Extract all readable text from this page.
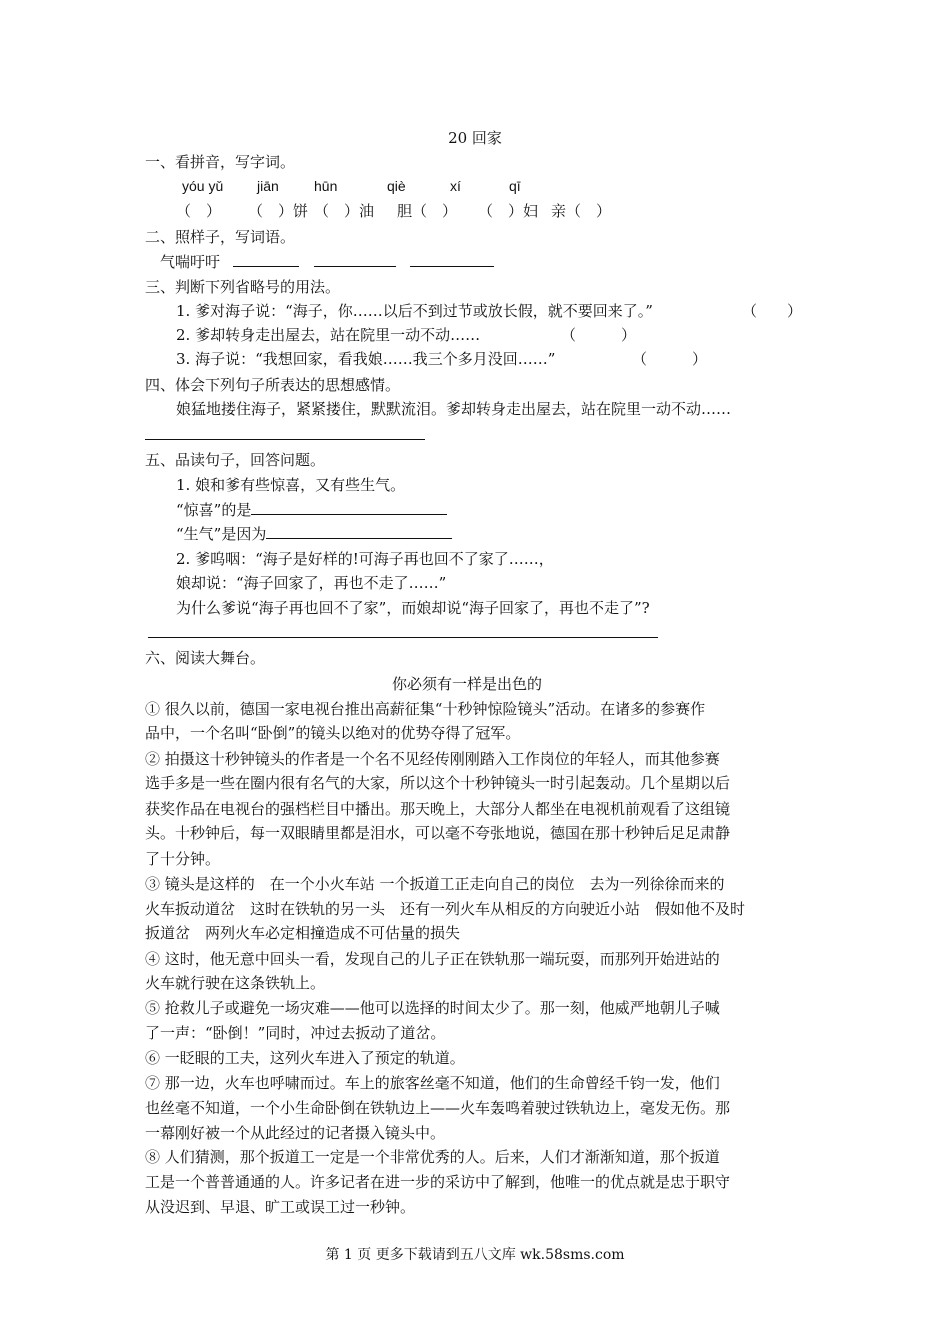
20 回家
一、看拼音，写字词。
yóu yǔ jiān	hūn	qiè	xí	qī
（　） （　）饼 （　）油 胆（　） （　）妇 亲（　）
二、照样子，写词语。
气喘吁吁
三、判断下列省略号的用法。
1. 爹对海子说：“海子，你……以后不到过节或放长假，就不要回来了。”	（　　）
2. 爹却转身走出屋去，站在院里一动不动……	（　　　）
3. 海子说：“我想回家，看我娘……我三个多月没回……”	（　　　）
四、体会下列句子所表达的思想感情。
娘猛地搂住海子，紧紧搂住，默默流泪。爹却转身走出屋去，站在院里一动不动……
五、品读句子，回答问题。
1. 娘和爹有些惊喜，又有些生气。
“惊喜”的是
“生气”是因为
2. 爹呜咽：“海子是好样的!可海子再也回不了家了……，
娘却说：“海子回家了，再也不走了……”
为什么爹说“海子再也回不了家”，而娘却说“海子回家了，再也不走了”?
六、阅读大舞台。
你必须有一样是出色的
① 很久以前，德国一家电视台推出高薪征集“十秒钟惊险镜头”活动。在诸多的参赛作
品中，一个名叫“卧倒”的镜头以绝对的优势夺得了冠军。
② 拍摄这十秒钟镜头的作者是一个名不见经传刚刚踏入工作岗位的年轻人，而其他参赛
选手多是一些在圈内很有名气的大家，所以这个十秒钟镜头一时引起轰动。几个星期以后
获奖作品在电视台的强档栏目中播出。那天晚上，大部分人都坐在电视机前观看了这组镜
头。十秒钟后，每一双眼睛里都是泪水，可以毫不夸张地说，德国在那十秒钟后足足肃静
了十分钟。
③ 镜头是这样的　在一个小火车站 一个扳道工正走向自己的岗位　去为一列徐徐而来的
火车扳动道岔　这时在铁轨的另一头　还有一列火车从相反的方向驶近小站　假如他不及时
扳道岔　两列火车必定相撞造成不可估量的损失
④ 这时，他无意中回头一看，发现自己的儿子正在铁轨那一端玩耍，而那列开始进站的
火车就行驶在这条铁轨上。
⑤ 抢救儿子或避免一场灾难——他可以选择的时间太少了。那一刻，他威严地朝儿子喊
了一声：“卧倒！”同时，冲过去扳动了道岔。
⑥ 一眨眼的工夫，这列火车进入了预定的轨道。
⑦ 那一边，火车也呼啸而过。车上的旅客丝毫不知道，他们的生命曾经千钧一发，他们
也丝毫不知道，一个小生命卧倒在铁轨边上——火车轰鸣着驶过铁轨边上，毫发无伤。那
一幕刚好被一个从此经过的记者摄入镜头中。
⑧ 人们猜测，那个扳道工一定是一个非常优秀的人。后来，人们才渐渐知道，那个扳道
工是一个普普通通的人。许多记者在进一步的采访中了解到，他唯一的优点就是忠于职守
从没迟到、早退、旷工或误工过一秒钟。
第 1 页 更多下载请到五八文库 wk.58sms.com
